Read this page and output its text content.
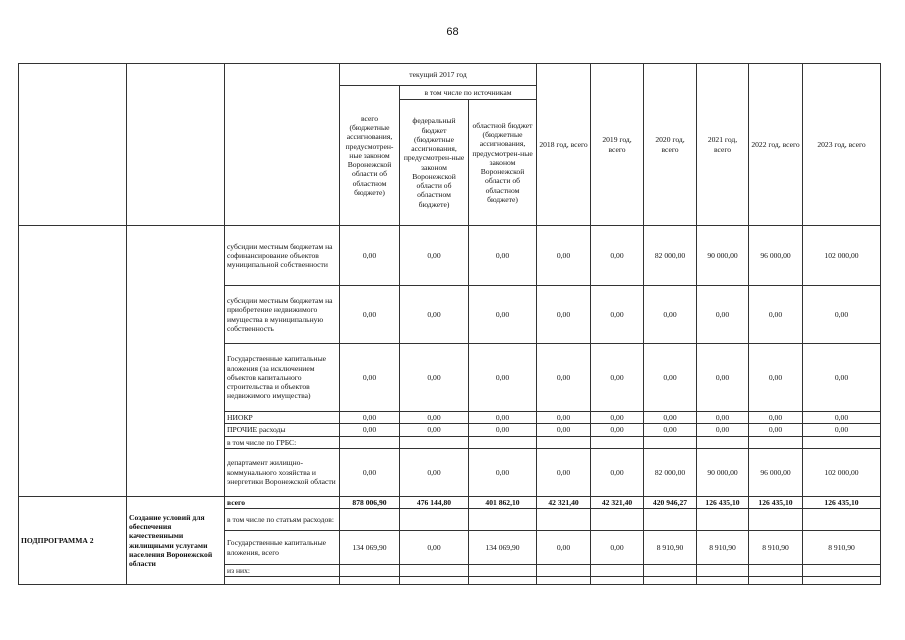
68
			текущий 2017 год			2018 год, всего	2019 год, всего	2020 год, всего	2021 год, всего	2022 год, всего	2023 год, всего
			всего (бюджетные ассигнования, предусмотрен-ные законом Воронежской области об областном бюджете)	в том числе по источникам							
				федеральный бюджет (бюджетные ассигнования, предусмотрен-ные законом Воронежской области об областном бюджете)	областной бюджет (бюджетные ассигнования, предусмотрен-ные законом Воронежской области об областном бюджете)						
		субсидии местным бюджетам на софинансирование объектов муниципальной собственности	0,00	0,00	0,00	0,00	0,00	82 000,00	90 000,00	96 000,00	102 000,00
		субсидии местным бюджетам на приобретение недвижимого имущества в муниципальную собственность	0,00	0,00	0,00	0,00	0,00	0,00	0,00	0,00	0,00
		Государственные капитальные вложения (за исключением объектов капитального строительства и объектов недвижимого имущества)	0,00	0,00	0,00	0,00	0,00	0,00	0,00	0,00	0,00
		НИОКР	0,00	0,00	0,00	0,00	0,00	0,00	0,00	0,00	0,00
		ПРОЧИЕ расходы	0,00	0,00	0,00	0,00	0,00	0,00	0,00	0,00	0,00
		в том числе по ГРБС:									
		департамент жилищно-коммунального хозяйства и энергетики Воронежской области	0,00	0,00	0,00	0,00	0,00	82 000,00	90 000,00	96 000,00	102 000,00
ПОДПРОГРАММА 2	Создание условий для обеспечения качественными жилищными услугами населения Воронежской области	всего	878 006,90	476 144,80	401 862,10	42 321,40	42 321,40	420 946,27	126 435,10	126 435,10	126 435,10
		в том числе по статьям расходов:									
		Государственные капитальные вложения, всего	134 069,90	0,00	134 069,90	0,00	0,00	8 910,90	8 910,90	8 910,90	8 910,90
		из них:									
